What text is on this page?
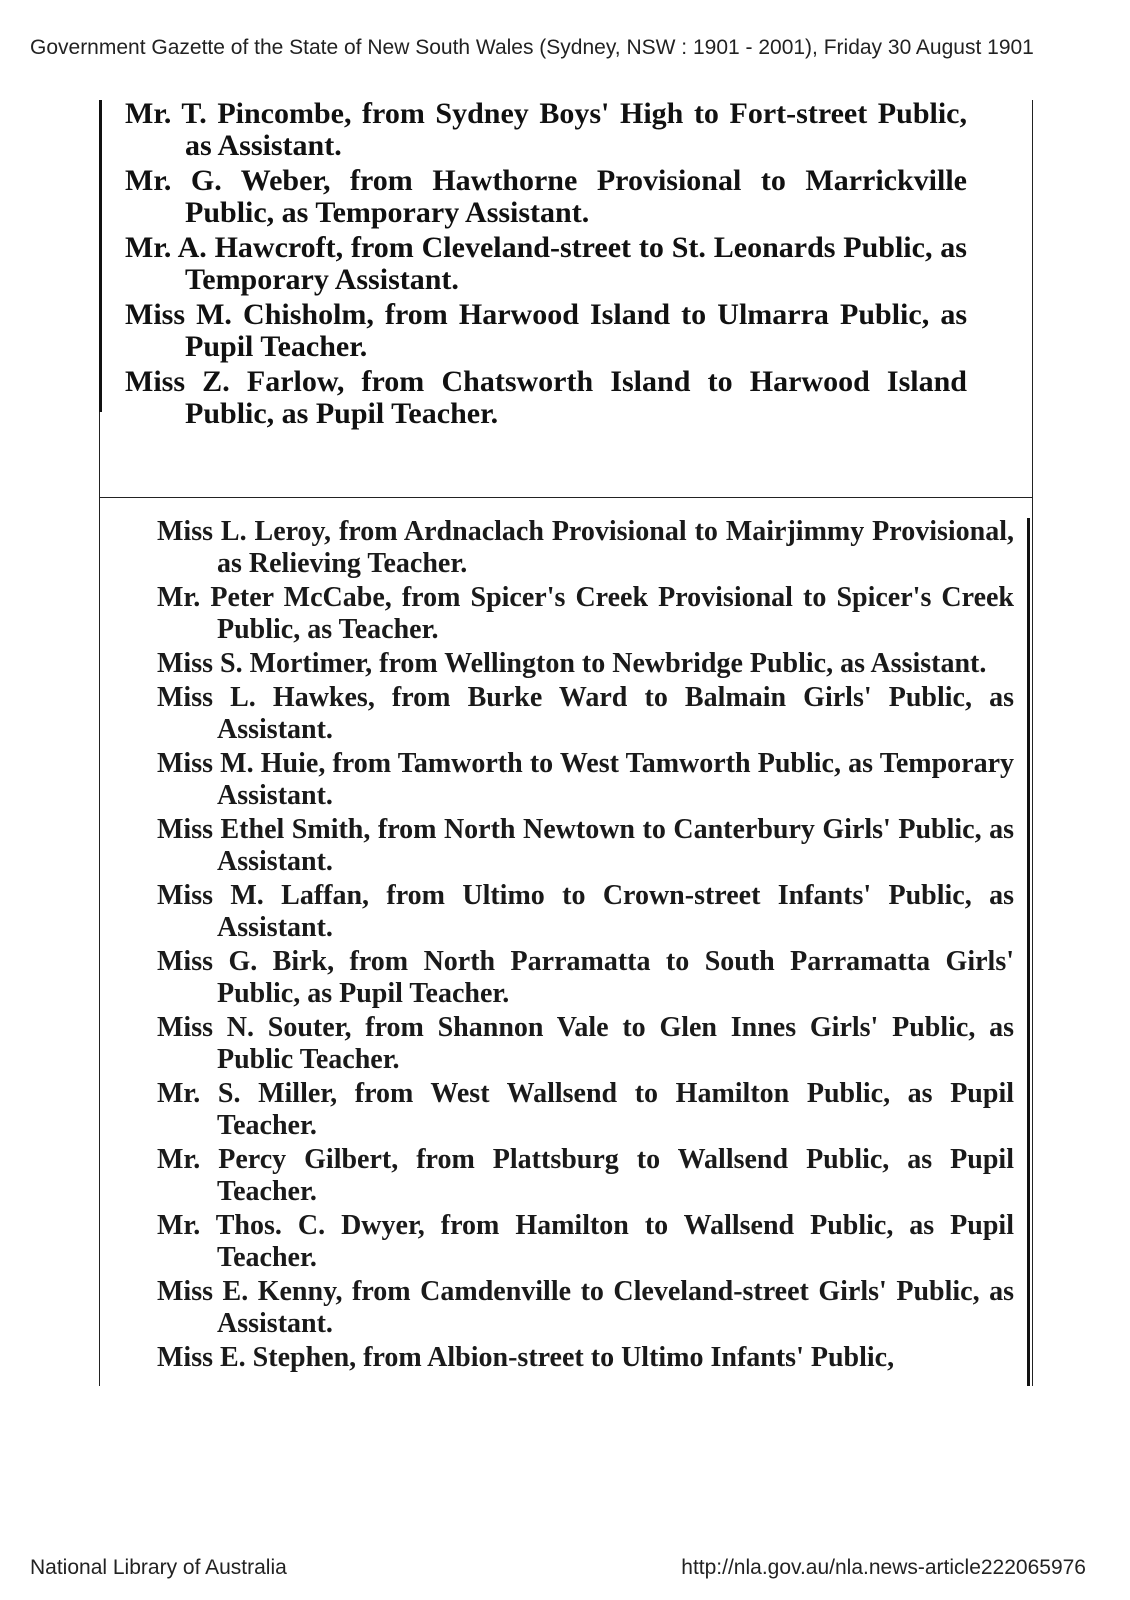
Government Gazette of the State of New South Wales (Sydney, NSW : 1901 - 2001), Friday 30 August 1901

Mr. T. Pincombe, from Sydney Boys' High to Fort-street Public, as Assistant.

Mr. G. Weber, from Hawthorne Provisional to Marrickville Public, as Temporary Assistant.

Mr. A. Hawcroft, from Cleveland-street to St. Leonards Public, as Temporary Assistant.

Miss M. Chisholm, from Harwood Island to Ulmarra Public, as Pupil Teacher.

Miss Z. Farlow, from Chatsworth Island to Harwood Island Public, as Pupil Teacher.

Miss L. Leroy, from Ardnaclach Provisional to Mairjimmy Provisional, as Relieving Teacher.

Mr. Peter McCabe, from Spicer's Creek Provisional to Spicer's Creek Public, as Teacher.

Miss S. Mortimer, from Wellington to Newbridge Public, as Assistant.

Miss L. Hawkes, from Burke Ward to Balmain Girls' Public, as Assistant.

Miss M. Huie, from Tamworth to West Tamworth Public, as Temporary Assistant.

Miss Ethel Smith, from North Newtown to Canterbury Girls' Public, as Assistant.

Miss M. Laffan, from Ultimo to Crown-street Infants' Public, as Assistant.

Miss G. Birk, from North Parramatta to South Parramatta Girls' Public, as Pupil Teacher.

Miss N. Souter, from Shannon Vale to Glen Innes Girls' Public, as Public Teacher.

Mr. S. Miller, from West Wallsend to Hamilton Public, as Pupil Teacher.

Mr. Percy Gilbert, from Plattsburg to Wallsend Public, as Pupil Teacher.

Mr. Thos. C. Dwyer, from Hamilton to Wallsend Public, as Pupil Teacher.

Miss E. Kenny, from Camdenville to Cleveland-street Girls' Public, as Assistant.

Miss E. Stephen, from Albion-street to Ultimo Infants' Public,

National Library of Australia	http://nla.gov.au/nla.news-article222065976
